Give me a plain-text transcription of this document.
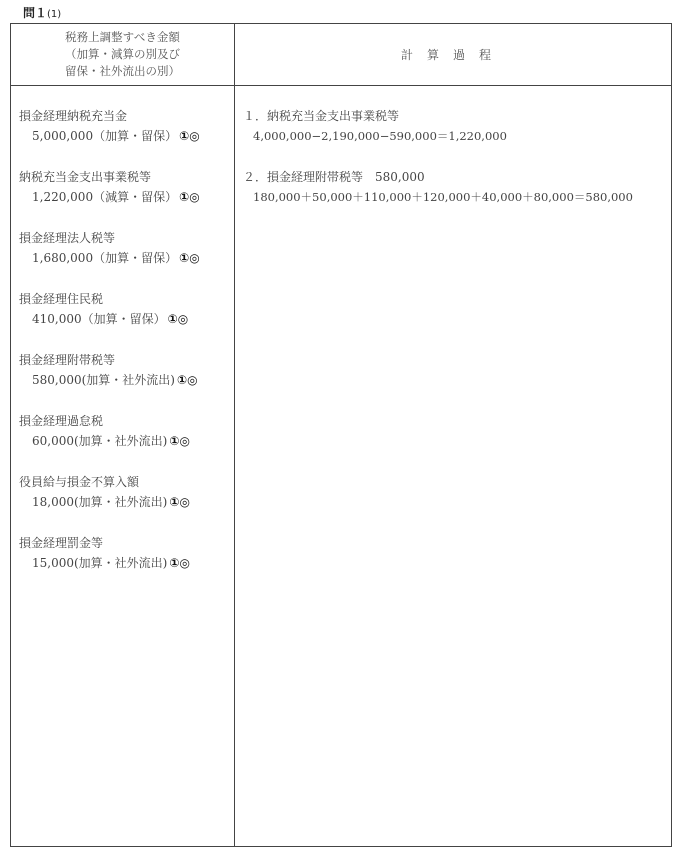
問１(1)
税務上調整すべき金額
（加算・減算の別及び
留保・社外流出の別）
計算過程
損金経理納税充当金
5,000,000（加算・留保） ①◎
納税充当金支出事業税等
1,220,000（減算・留保） ①◎
損金経理法人税等
1,680,000（加算・留保） ①◎
損金経理住民税
410,000（加算・留保） ①◎
損金経理附帯税等
580,000(加算・社外流出) ①◎
損金経理過怠税
60,000(加算・社外流出) ①◎
役員給与損金不算入額
18,000(加算・社外流出) ①◎
損金経理罰金等
15,000(加算・社外流出) ①◎
１．納税充当金支出事業税等
4,000,000−2,190,000−590,000＝1,220,000
２．損金経理附帯税等　580,000
180,000＋50,000＋110,000＋120,000＋40,000＋80,000＝580,000
